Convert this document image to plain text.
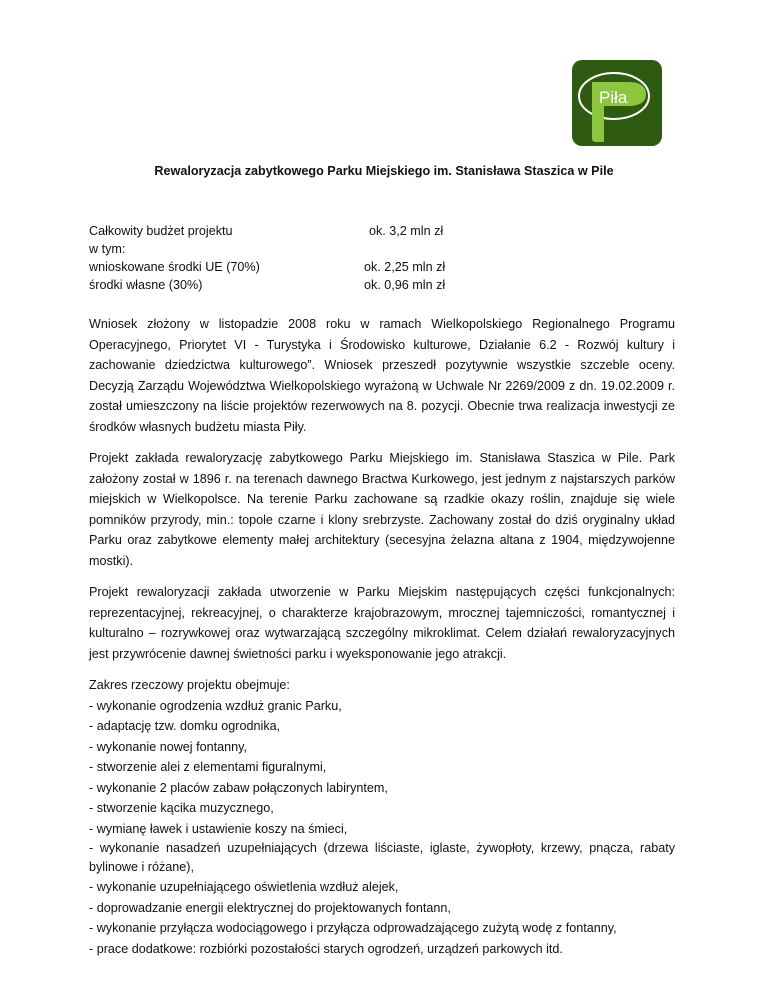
Piła
Rewaloryzacja zabytkowego Parku Miejskiego im. Stanisława Staszica w Pile
Całkowity budżet projektu	ok. 3,2 mln zł
w tym:
wnioskowane środki UE (70%)	ok. 2,25 mln zł
środki własne (30%)	ok. 0,96 mln zł

Wniosek złożony w listopadzie 2008 roku w ramach Wielkopolskiego Regionalnego Programu Operacyjnego, Priorytet VI - Turystyka i Środowisko kulturowe, Działanie 6.2 - Rozwój kultury i zachowanie dziedzictwa kulturowego”. Wniosek przeszedł pozytywnie wszystkie szczeble oceny. Decyzją Zarządu Województwa Wielkopolskiego wyrażoną w Uchwale Nr 2269/2009 z dn. 19.02.2009 r. został umieszczony na liście projektów rezerwowych na 8. pozycji. Obecnie trwa realizacja inwestycji ze środków własnych budżetu miasta Piły.

Projekt zakłada rewaloryzację zabytkowego Parku Miejskiego im. Stanisława Staszica w Pile. Park założony został w 1896 r. na terenach dawnego Bractwa Kurkowego, jest jednym z najstarszych parków miejskich w Wielkopolsce. Na terenie Parku zachowane są rzadkie okazy roślin, znajduje się wiele pomników przyrody, min.: topole czarne i klony srebrzyste. Zachowany został do dziś oryginalny układ Parku oraz zabytkowe elementy małej architektury (secesyjna żelazna altana z 1904, międzywojenne mostki).

Projekt rewaloryzacji zakłada utworzenie w Parku Miejskim następujących części funkcjonalnych: reprezentacyjnej, rekreacyjnej, o charakterze krajobrazowym, mrocznej tajemniczości, romantycznej i kulturalno – rozrywkowej oraz wytwarzającą szczególny mikroklimat. Celem działań rewaloryzacyjnych jest przywrócenie dawnej świetności parku i wyeksponowanie jego atrakcji.

Zakres rzeczowy projektu obejmuje:
- wykonanie ogrodzenia wzdłuż granic Parku,
- adaptację tzw. domku ogrodnika,
- wykonanie nowej fontanny,
- stworzenie alei z elementami figuralnymi,
- wykonanie 2 placów zabaw połączonych labiryntem,
- stworzenie kącika muzycznego,
- wymianę ławek i ustawienie koszy na śmieci,
- wykonanie nasadzeń uzupełniających (drzewa liściaste, iglaste, żywopłoty, krzewy, pnącza, rabaty bylinowe i różane),
- wykonanie uzupełniającego oświetlenia wzdłuż alejek,
- doprowadzanie energii elektrycznej do projektowanych fontann,
- wykonanie przyłącza wodociągowego i przyłącza odprowadzającego zużytą wodę z fontanny,
- prace dodatkowe: rozbiórki pozostałości starych ogrodzeń, urządzeń parkowych itd.
